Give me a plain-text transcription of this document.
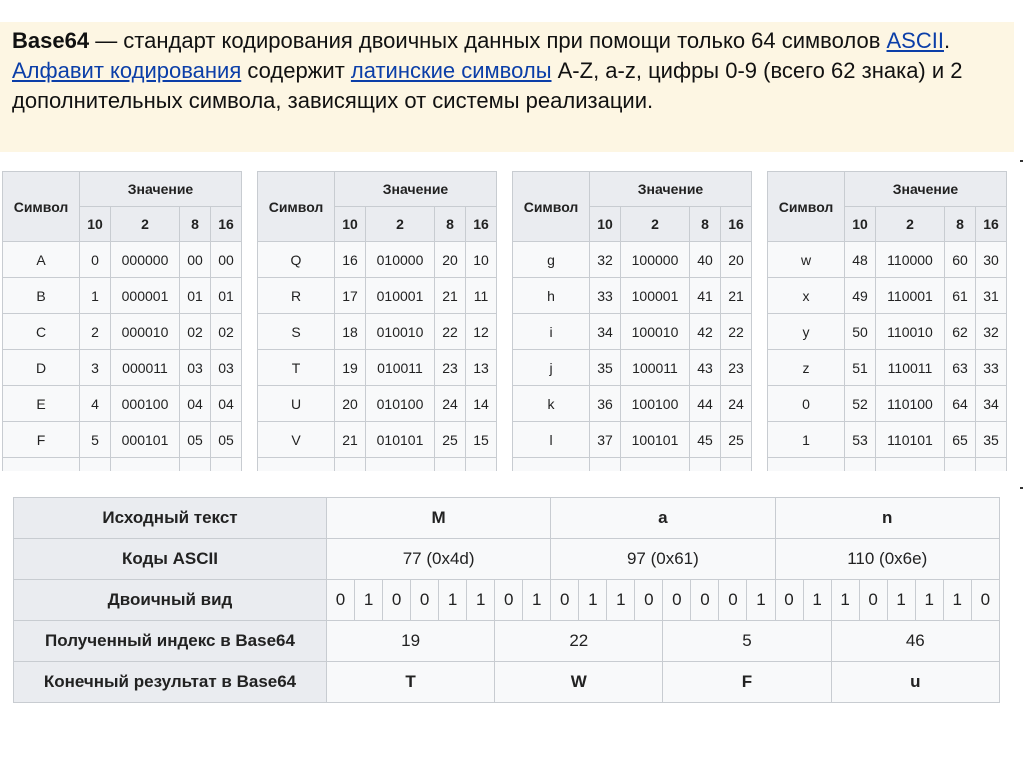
Base64 — стандарт кодирования двоичных данных при помощи только 64 символов ASCII. Алфавит кодирования содержит латинские символы A-Z, a-z, цифры 0-9 (всего 62 знака) и 2 дополнительных символа, зависящих от системы реализации.
Символ	Значение			
	10	2	8	16
A	0	000000	00	00
B	1	000001	01	01
C	2	000010	02	02
D	3	000011	03	03
E	4	000100	04	04
F	5	000101	05	05

Символ	Значение			
	10	2	8	16
Q	16	010000	20	10
R	17	010001	21	11
S	18	010010	22	12
T	19	010011	23	13
U	20	010100	24	14
V	21	010101	25	15

Символ	Значение			
	10	2	8	16
g	32	100000	40	20
h	33	100001	41	21
i	34	100010	42	22
j	35	100011	43	23
k	36	100100	44	24
l	37	100101	45	25

Символ	Значение			
	10	2	8	16
w	48	110000	60	30
x	49	110001	61	31
y	50	110010	62	32
z	51	110011	63	33
0	52	110100	64	34
1	53	110101	65	35

Исходный текст	M								a								n							
Коды ASCII	77 (0x4d)								97 (0x61)								110 (0x6e)							
Двоичный вид	0	1	0	0	1	1	0	1	0	1	1	0	0	0	0	1	0	1	1	0	1	1	1	0
Полученный индекс в Base64	19						22						5						46					
Конечный результат в Base64	T						W						F						u					
